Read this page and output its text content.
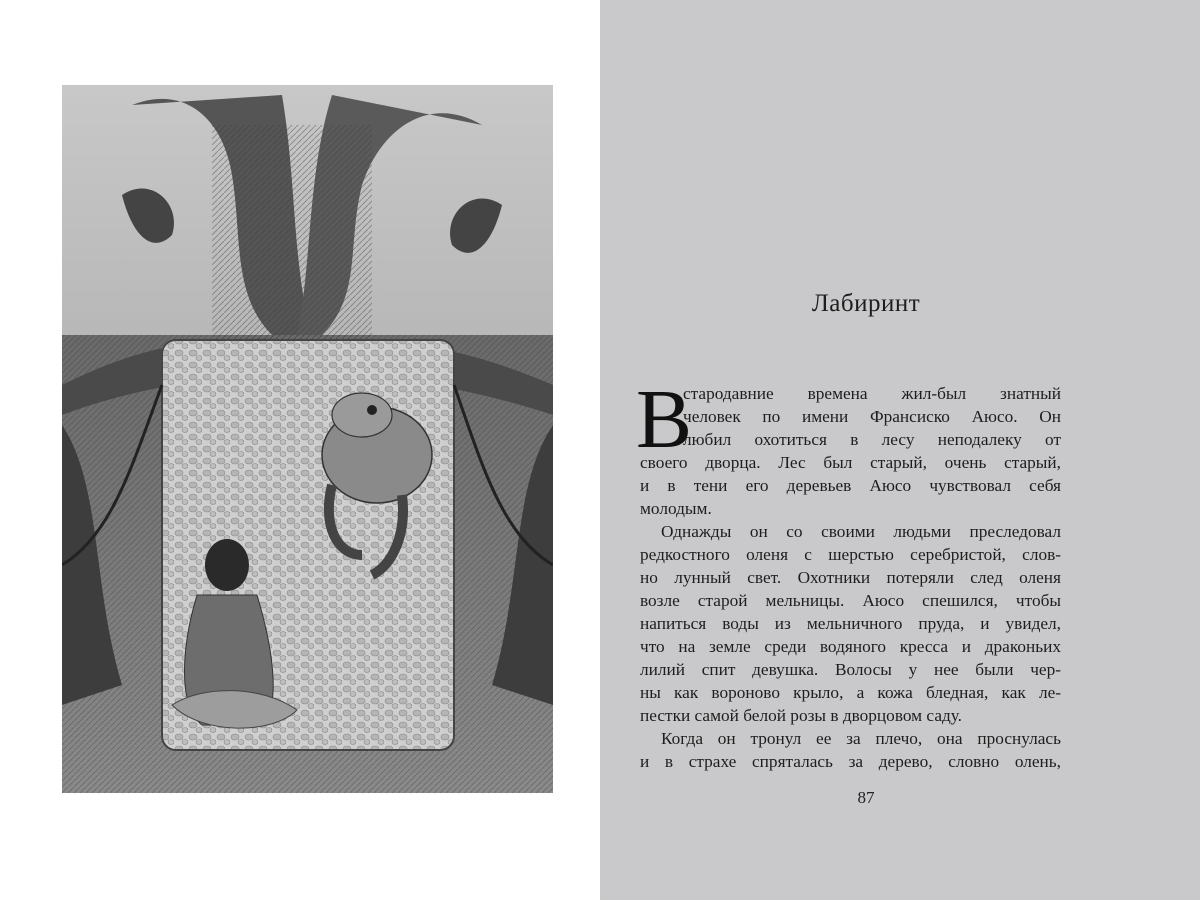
Лабиринт
В
стародавние времена жил-был знатный
человек по имени Франсиско Аюсо. Он
любил охотиться в лесу неподалеку от
своего дворца. Лес был старый, очень старый,
и в тени его деревьев Аюсо чувствовал себя
молодым.
Однажды он со своими людьми преследовал
редкостного оленя с шерстью серебристой, слов-
но лунный свет. Охотники потеряли след оленя
возле старой мельницы. Аюсо спешился, чтобы
напиться воды из мельничного пруда, и увидел,
что на земле среди водяного кресса и драконьих
лилий спит девушка. Волосы у нее были чер-
ны как вороново крыло, а кожа бледная, как ле-
пестки самой белой розы в дворцовом саду.
Когда он тронул ее за плечо, она проснулась
и в страхе спряталась за дерево, словно олень,
87
